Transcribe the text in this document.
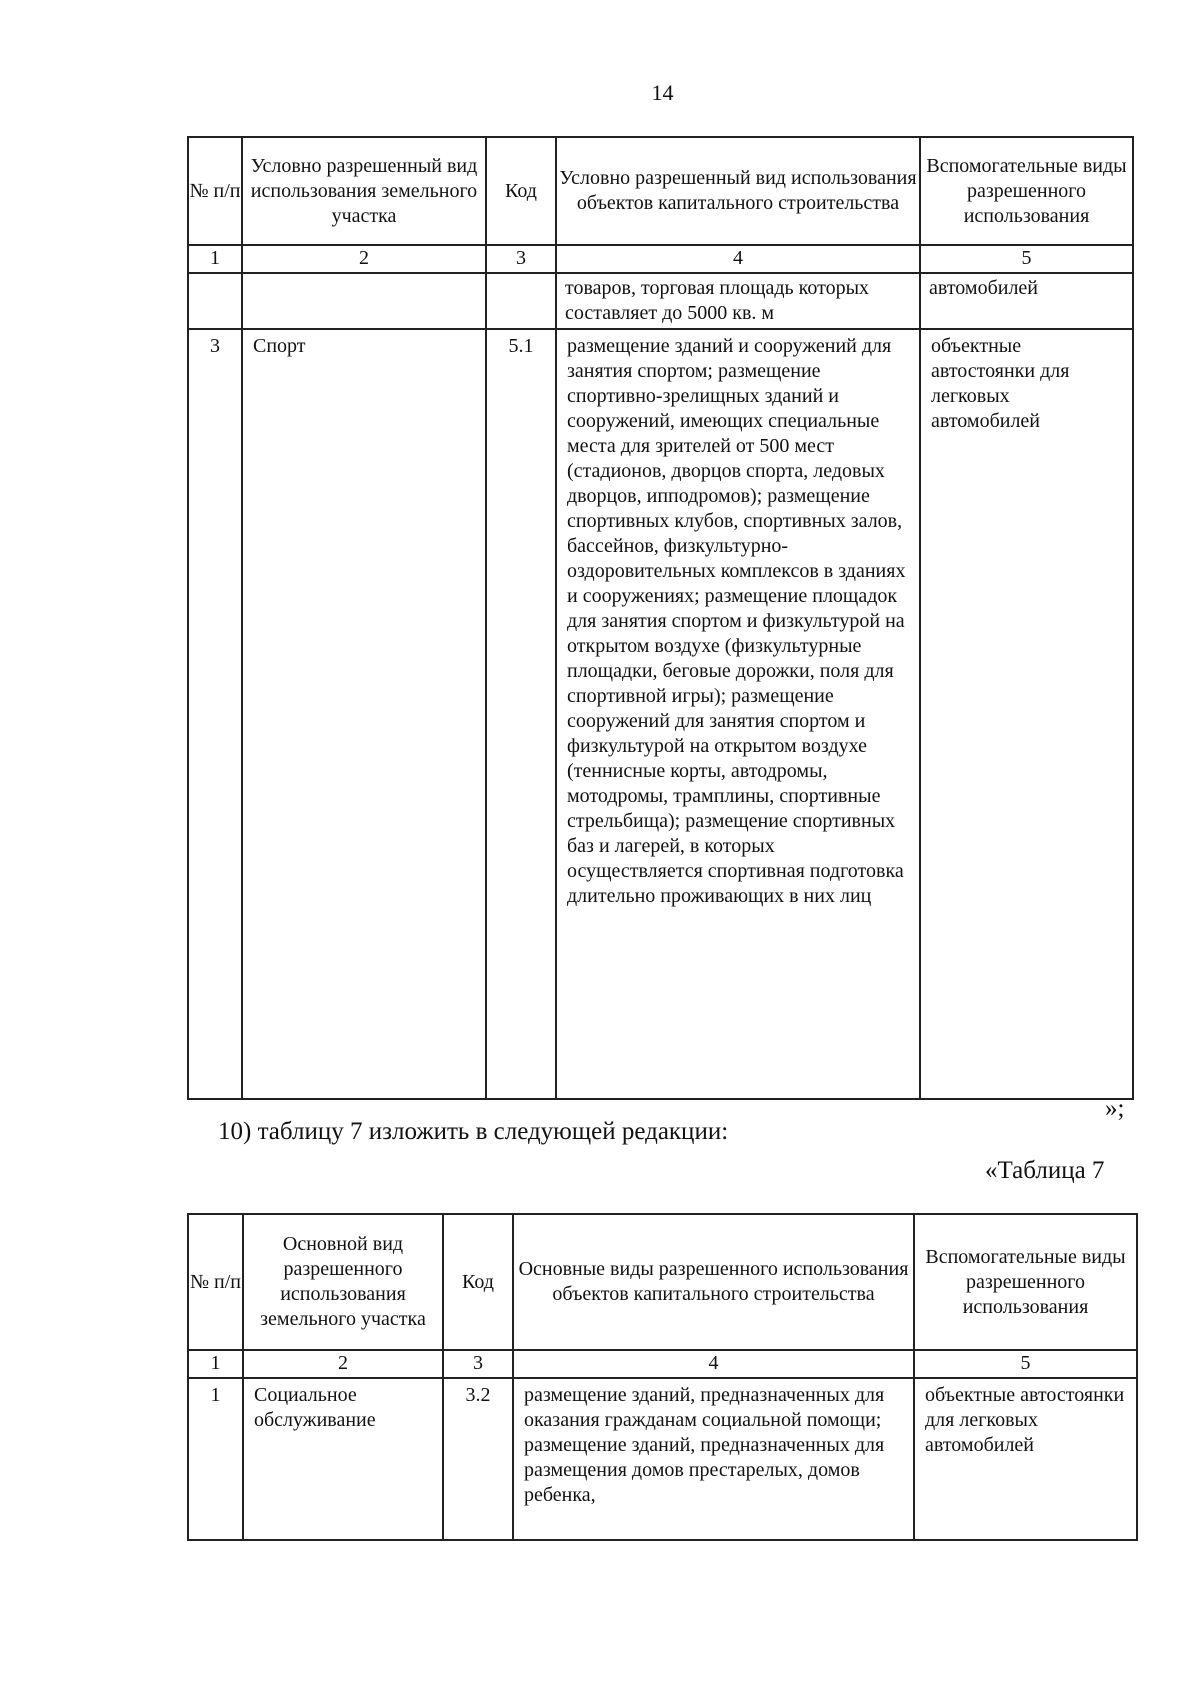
14
№ п/п	Условно разрешенный вид использования земельного участка	Код	Условно разрешенный вид использования объектов капитального строительства	Вспомогательные виды разрешенного использования
1	2	3	4	5
			товаров, торговая площадь которых составляет до 5000 кв. м	автомобилей
3	Спорт	5.1	размещение зданий и сооружений для занятия спортом; размещение спортивно-зрелищных зданий и сооружений, имеющих специальные места для зрителей от 500 мест (стадионов, дворцов спорта, ледовых дворцов, ипподромов); размещение спортивных клубов, спортивных залов, бассейнов, физкультурно-оздоровительных комплексов в зданиях и сооружениях; размещение площадок для занятия спортом и физкультурой на открытом воздухе (физкультурные площадки, беговые дорожки, поля для спортивной игры); размещение сооружений для занятия спортом и физкультурой на открытом воздухе (теннисные корты, автодромы, мотодромы, трамплины, спортивные стрельбища); размещение спортивных баз и лагерей, в которых осуществляется спортивная подготовка длительно проживающих в них лиц	объектные автостоянки для легковых автомобилей
»;
10) таблицу 7 изложить в следующей редакции:
«Таблица 7
№ п/п	Основной вид разрешенного использования земельного участка	Код	Основные виды разрешенного использования объектов капитального строительства	Вспомогательные виды разрешенного использования
1	2	3	4	5
1	Социальное обслуживание	3.2	размещение зданий, предназначенных для оказания гражданам социальной помощи; размещение зданий, предназначенных для размещения домов престарелых, домов ребенка,	объектные автостоянки для легковых автомобилей
